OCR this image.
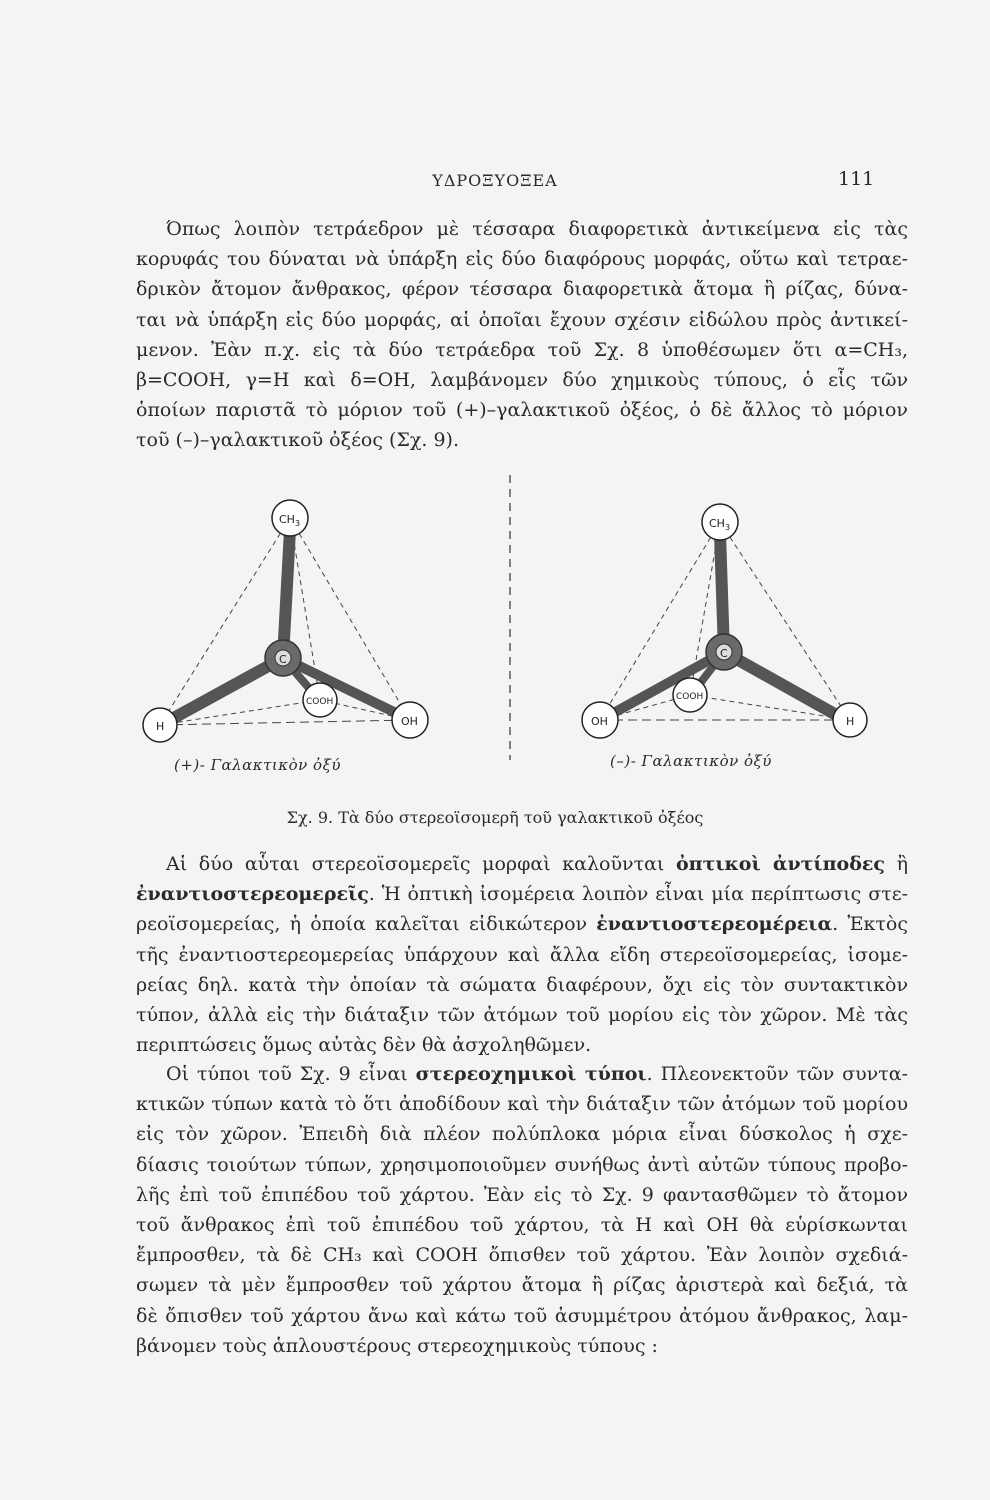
ΥΔΡΟΞΥΟΞΕΑ	111
Όπως λοιπὸν τετράεδρον μὲ τέσσαρα διαφορετικὰ ἀντικείμενα εἰς τὰς
κορυφάς του δύναται νὰ ὑπάρξη εἰς δύο διαφόρους μορφάς, οὕτω καὶ τετραε-
δρικὸν ἄτομον ἄνθρακος, φέρον τέσσαρα διαφορετικὰ ἄτομα ἢ ρίζας, δύνα-
ται νὰ ὑπάρξη εἰς δύο μορφάς, αἱ ὁποῖαι ἔχουν σχέσιν εἰδώλου πρὸς ἀντικεί-
μενον. Ἐὰν π.χ. εἰς τὰ δύο τετράεδρα τοῦ Σχ. 8 ὑποθέσωμεν ὅτι α=CH₃,
β=COOH, γ=H καὶ δ=OH, λαμβάνομεν δύο χημικοὺς τύπους, ὁ εἷς τῶν
ὁποίων παριστᾶ τὸ μόριον τοῦ (+)–γαλακτικοῦ ὀξέος, ὁ δὲ ἄλλος τὸ μόριον
τοῦ (–)–γαλακτικοῦ ὀξέος (Σχ. 9).
$CH_3$
C
H	OH
COOH
$CH_3$
C
OH	H
COOH
(+)- Γαλακτικὸν ὀξύ	(–)- Γαλακτικὸν ὀξύ
Σχ. 9. Τὰ δύο στερεοϊσομερῆ τοῦ γαλακτικοῦ ὀξέος
Αἱ δύο αὗται στερεοϊσομερεῖς μορφαὶ καλοῦνται ὀπτικοὶ ἀντίποδες ἢ
ἐναντιοστερεομερεῖς. Ἡ ὀπτικὴ ἰσομέρεια λοιπὸν εἶναι μία περίπτωσις στε-
ρεοϊσομερείας, ἡ ὁποία καλεῖται εἰδικώτερον ἐναντιοστερεομέρεια. Ἐκτὸς
τῆς ἐναντιοστερεομερείας ὑπάρχουν καὶ ἄλλα εἴδη στερεοϊσομερείας, ἰσομε-
ρείας δηλ. κατὰ τὴν ὁποίαν τὰ σώματα διαφέρουν, ὄχι εἰς τὸν συντακτικὸν
τύπον, ἀλλὰ εἰς τὴν διάταξιν τῶν ἀτόμων τοῦ μορίου εἰς τὸν χῶρον. Μὲ τὰς
περιπτώσεις ὅμως αὐτὰς δὲν θὰ ἀσχοληθῶμεν.
Οἱ τύποι τοῦ Σχ. 9 εἶναι στερεοχημικοὶ τύποι. Πλεονεκτοῦν τῶν συντα-
κτικῶν τύπων κατὰ τὸ ὅτι ἀποδίδουν καὶ τὴν διάταξιν τῶν ἀτόμων τοῦ μορίου
εἰς τὸν χῶρον. Ἐπειδὴ διὰ πλέον πολύπλοκα μόρια εἶναι δύσκολος ἡ σχε-
δίασις τοιούτων τύπων, χρησιμοποιοῦμεν συνήθως ἀντὶ αὐτῶν τύπους προβο-
λῆς ἐπὶ τοῦ ἐπιπέδου τοῦ χάρτου. Ἐὰν εἰς τὸ Σχ. 9 φαντασθῶμεν τὸ ἄτομον
τοῦ ἄνθρακος ἐπὶ τοῦ ἐπιπέδου τοῦ χάρτου, τὰ H καὶ OH θὰ εὑρίσκωνται
ἔμπροσθεν, τὰ δὲ CH₃ καὶ COOH ὄπισθεν τοῦ χάρτου. Ἐὰν λοιπὸν σχεδιά-
σωμεν τὰ μὲν ἔμπροσθεν τοῦ χάρτου ἄτομα ἢ ρίζας ἀριστερὰ καὶ δεξιά, τὰ
δὲ ὄπισθεν τοῦ χάρτου ἄνω καὶ κάτω τοῦ ἀσυμμέτρου ἀτόμου ἄνθρακος, λαμ-
βάνομεν τοὺς ἁπλουστέρους στερεοχημικοὺς τύπους :
